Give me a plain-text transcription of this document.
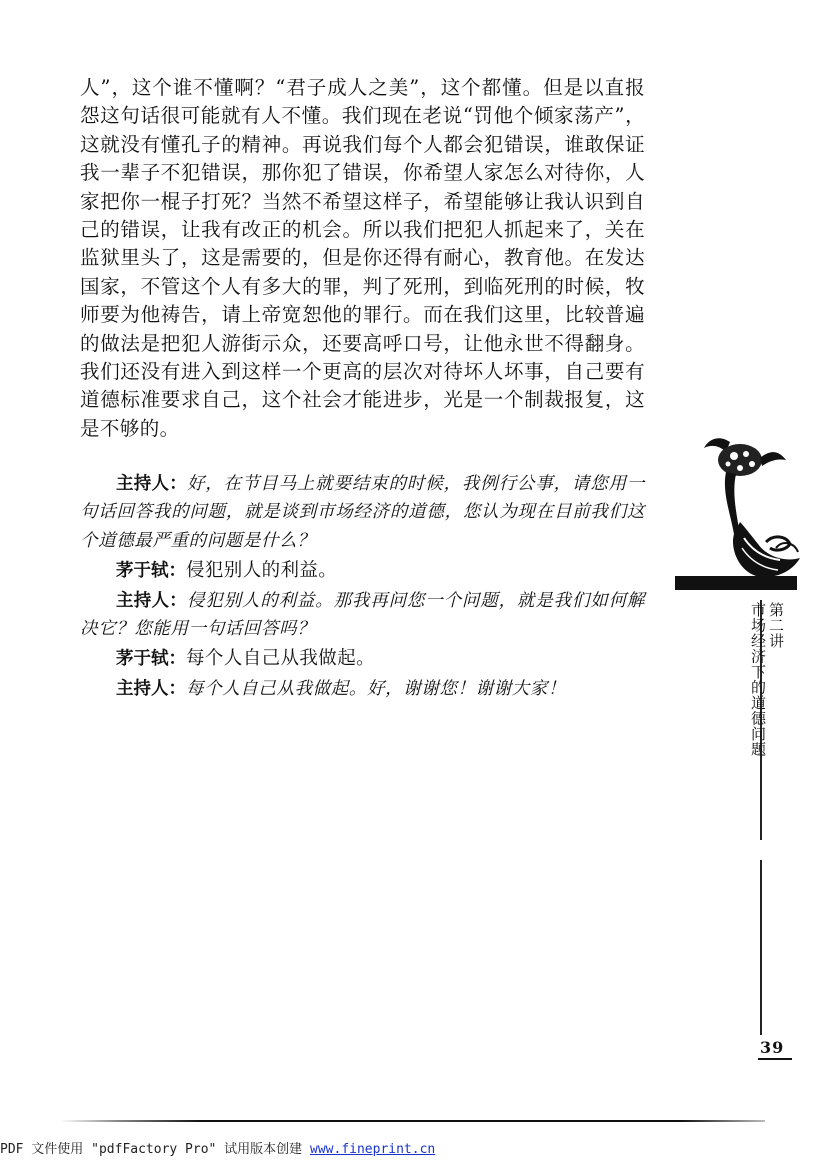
人”，这个谁不懂啊？“君子成人之美”，这个都懂。但是以直报怨这句话很可能就有人不懂。我们现在老说“罚他个倾家荡产”，这就没有懂孔子的精神。再说我们每个人都会犯错误，谁敢保证我一辈子不犯错误，那你犯了错误，你希望人家怎么对待你，人家把你一棍子打死？当然不希望这样子，希望能够让我认识到自己的错误，让我有改正的机会。所以我们把犯人抓起来了，关在监狱里头了，这是需要的，但是你还得有耐心，教育他。在发达国家，不管这个人有多大的罪，判了死刑，到临死刑的时候，牧师要为他祷告，请上帝宽恕他的罪行。而在我们这里，比较普遍的做法是把犯人游街示众，还要高呼口号，让他永世不得翻身。我们还没有进入到这样一个更高的层次对待坏人坏事，自己要有道德标准要求自己，这个社会才能进步，光是一个制裁报复，这是不够的。

主持人：好，在节目马上就要结束的时候，我例行公事，请您用一句话回答我的问题，就是谈到市场经济的道德，您认为现在目前我们这个道德最严重的问题是什么？

茅于轼：侵犯别人的利益。

主持人：侵犯别人的利益。那我再问您一个问题，就是我们如何解决它？您能用一句话回答吗？

茅于轼：每个人自己从我做起。

主持人：每个人自己从我做起。好，谢谢您！谢谢大家！

第二讲
市场经济下的道德问题
39
PDF 文件使用 "pdfFactory Pro" 试用版本创建 www.fineprint.cn
